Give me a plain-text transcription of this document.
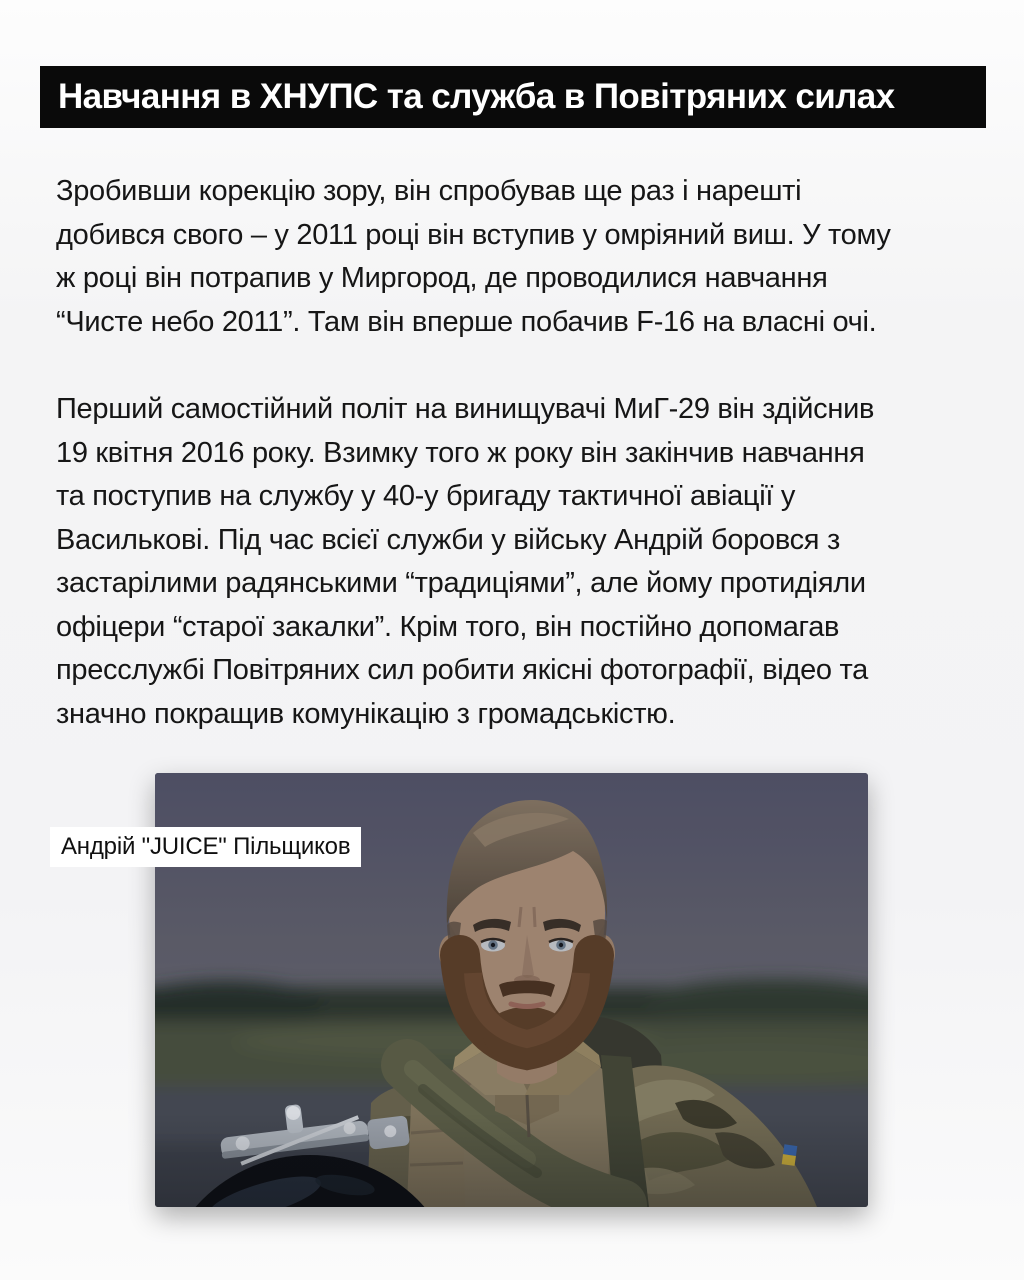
Навчання в ХНУПС та служба в Повітряних силах
Зробивши корекцію зору, він спробував ще раз і нарешті
добився свого – у 2011 році він вступив у омріяний виш. У тому
ж році він потрапив у Миргород, де проводилися навчання
“Чисте небо 2011”. Там він вперше побачив F-16 на власні очі.
Перший самостійний політ на винищувачі МиГ-29 він здійснив
19 квітня 2016 року. Взимку того ж року він закінчив навчання
та поступив на службу у 40-у бригаду тактичної авіації у
Василькові. Під час всієї служби у війську Андрій боровся з
застарілими радянськими “традиціями”, але йому протидіяли
офіцери “старої закалки”. Крім того, він постійно допомагав
пресслужбі Повітряних сил робити якісні фотографії, відео та
значно покращив комунікацію з громадськістю.
Андрій "JUICE" Пільщиков
